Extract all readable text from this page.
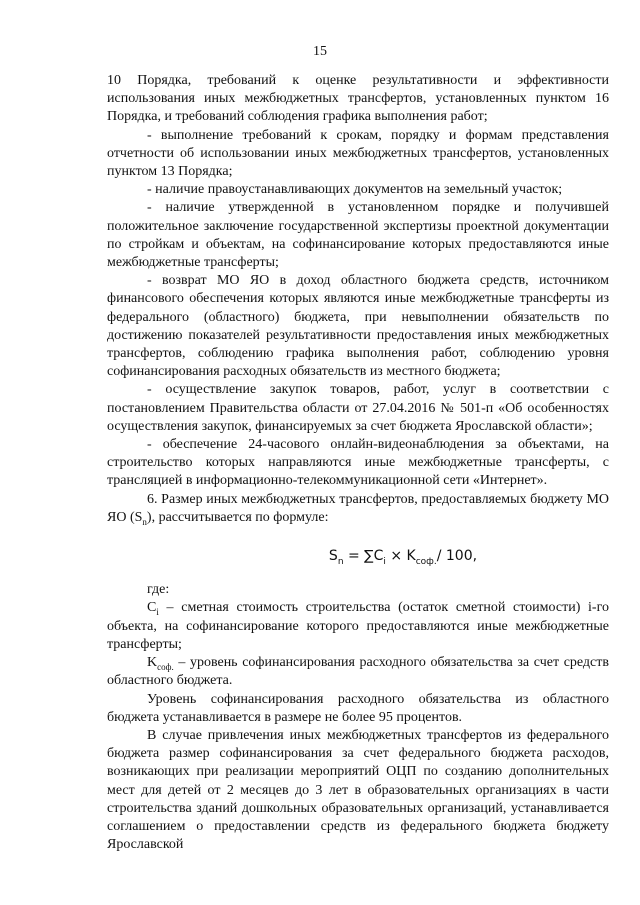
15

10 Порядка, требований к оценке результативности и эффективности использования иных межбюджетных трансфертов, установленных пунктом 16 Порядка, и требований соблюдения графика выполнения работ;

- выполнение требований к срокам, порядку и формам представления отчетности об использовании иных межбюджетных трансфертов, установленных пунктом 13 Порядка;

- наличие правоустанавливающих документов на земельный участок;

- наличие утвержденной в установленном порядке и получившей положительное заключение государственной экспертизы проектной документации по стройкам и объектам, на софинансирование которых предоставляются иные межбюджетные трансферты;

- возврат МО ЯО в доход областного бюджета средств, источником финансового обеспечения которых являются иные межбюджетные трансферты из федерального (областного) бюджета, при невыполнении обязательств по достижению показателей результативности предоставления иных межбюджетных трансфертов, соблюдению графика выполнения работ, соблюдению уровня софинансирования расходных обязательств из местного бюджета;

- осуществление закупок товаров, работ, услуг в соответствии с постановлением Правительства области от 27.04.2016 № 501-п «Об особенностях осуществления закупок, финансируемых за счет бюджета Ярославской области»;

- обеспечение 24-часового онлайн-видеонаблюдения за объектами, на строительство которых направляются иные межбюджетные трансферты, с трансляцией в информационно-телекоммуникационной сети «Интернет».

6. Размер иных межбюджетных трансфертов, предоставляемых бюджету МО ЯО $(S_n)$, рассчитывается по формуле:

$S_n = \sum C_i \times K_{соф.}/$ 100,

где:

$C_i$ – сметная стоимость строительства (остаток сметной стоимости) i-го объекта, на софинансирование которого предоставляются иные межбюджетные трансферты;

$K_{соф.}$ – уровень софинансирования расходного обязательства за счет средств областного бюджета.

Уровень софинансирования расходного обязательства из областного бюджета устанавливается в размере не более 95 процентов.

В случае привлечения иных межбюджетных трансфертов из федерального бюджета размер софинансирования за счет федерального бюджета расходов, возникающих при реализации мероприятий ОЦП по созданию дополнительных мест для детей от 2 месяцев до 3 лет в образовательных организациях в части строительства зданий дошкольных образовательных организаций, устанавливается соглашением о предоставлении средств из федерального бюджета бюджету Ярославской
